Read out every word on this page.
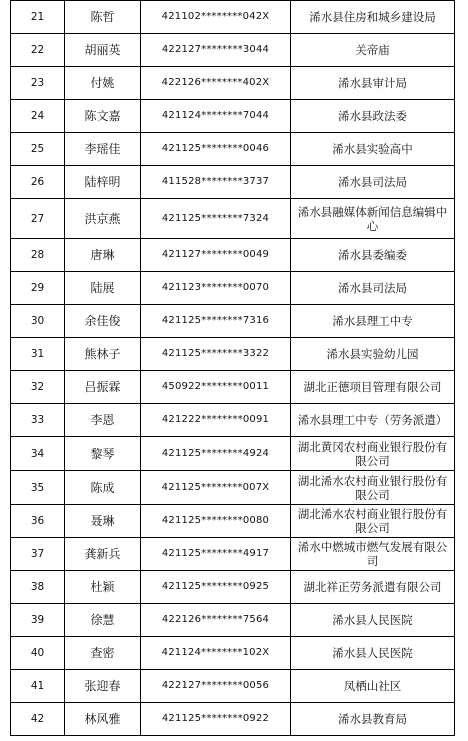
21	陈哲	421102********042X	浠水县住房和城乡建设局
22	胡丽英	422127********3044	关帝庙
23	付姚	422126********402X	浠水县审计局
24	陈文嘉	421124********7044	浠水县政法委
25	李瑶佳	421125********0046	浠水县实验高中
26	陆梓明	411528********3737	浠水县司法局
27	洪京燕	421125********7324	浠水县融媒体新闻信息编辑中心
28	唐琳	421127********0049	浠水县委编委
29	陆展	421123********0070	浠水县司法局
30	余佳俊	421125********7316	浠水县理工中专
31	熊林子	421125********3322	浠水县实验幼儿园
32	吕振霖	450922********0011	湖北正德项目管理有限公司
33	李恩	421222********0091	浠水县理工中专（劳务派遣）
34	黎琴	421125********4924	湖北黄冈农村商业银行股份有限公司
35	陈成	421125********007X	湖北浠水农村商业银行股份有限公司
36	聂琳	421125********0080	湖北浠水农村商业银行股份有限公司
37	龚新兵	421125********4917	浠水中燃城市燃气发展有限公司
38	杜颖	421125********0925	湖北祥正劳务派遣有限公司
39	徐慧	422126********7564	浠水县人民医院
40	查密	421124********102X	浠水县人民医院
41	张迎春	422127********0056	凤栖山社区
42	林风雅	421125********0922	浠水县教育局
